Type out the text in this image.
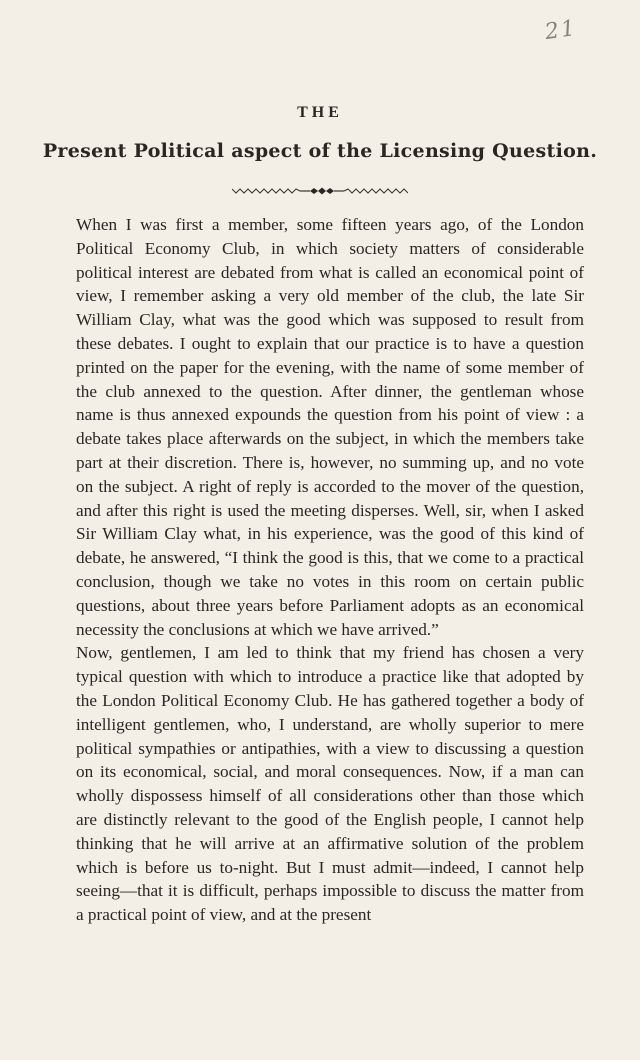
21
THE
Present Political aspect of the Licensing Question.

When I was first a member, some fifteen years ago, of the London Political Economy Club, in which society matters of considerable political interest are debated from what is called an economical point of view, I remember asking a very old member of the club, the late Sir William Clay, what was the good which was supposed to result from these debates. I ought to explain that our practice is to have a question printed on the paper for the evening, with the name of some member of the club annexed to the question. After dinner, the gentleman whose name is thus annexed expounds the question from his point of view : a debate takes place afterwards on the subject, in which the members take part at their discretion. There is, however, no summing up, and no vote on the subject. A right of reply is accorded to the mover of the question, and after this right is used the meeting disperses. Well, sir, when I asked Sir William Clay what, in his experience, was the good of this kind of debate, he answered, “I think the good is this, that we come to a practical conclusion, though we take no votes in this room on certain public questions, about three years before Parliament adopts as an economical necessity the conclusions at which we have arrived.”

Now, gentlemen, I am led to think that my friend has chosen a very typical question with which to introduce a practice like that adopted by the London Political Economy Club. He has gathered together a body of intelligent gentlemen, who, I understand, are wholly superior to mere political sympathies or antipathies, with a view to discussing a question on its economical, social, and moral consequences. Now, if a man can wholly dispossess himself of all considerations other than those which are distinctly relevant to the good of the English people, I cannot help thinking that he will arrive at an affirmative solution of the problem which is before us to-night. But I must admit—indeed, I cannot help seeing—that it is difficult, perhaps impossible to discuss the matter from a practical point of view, and at the present
